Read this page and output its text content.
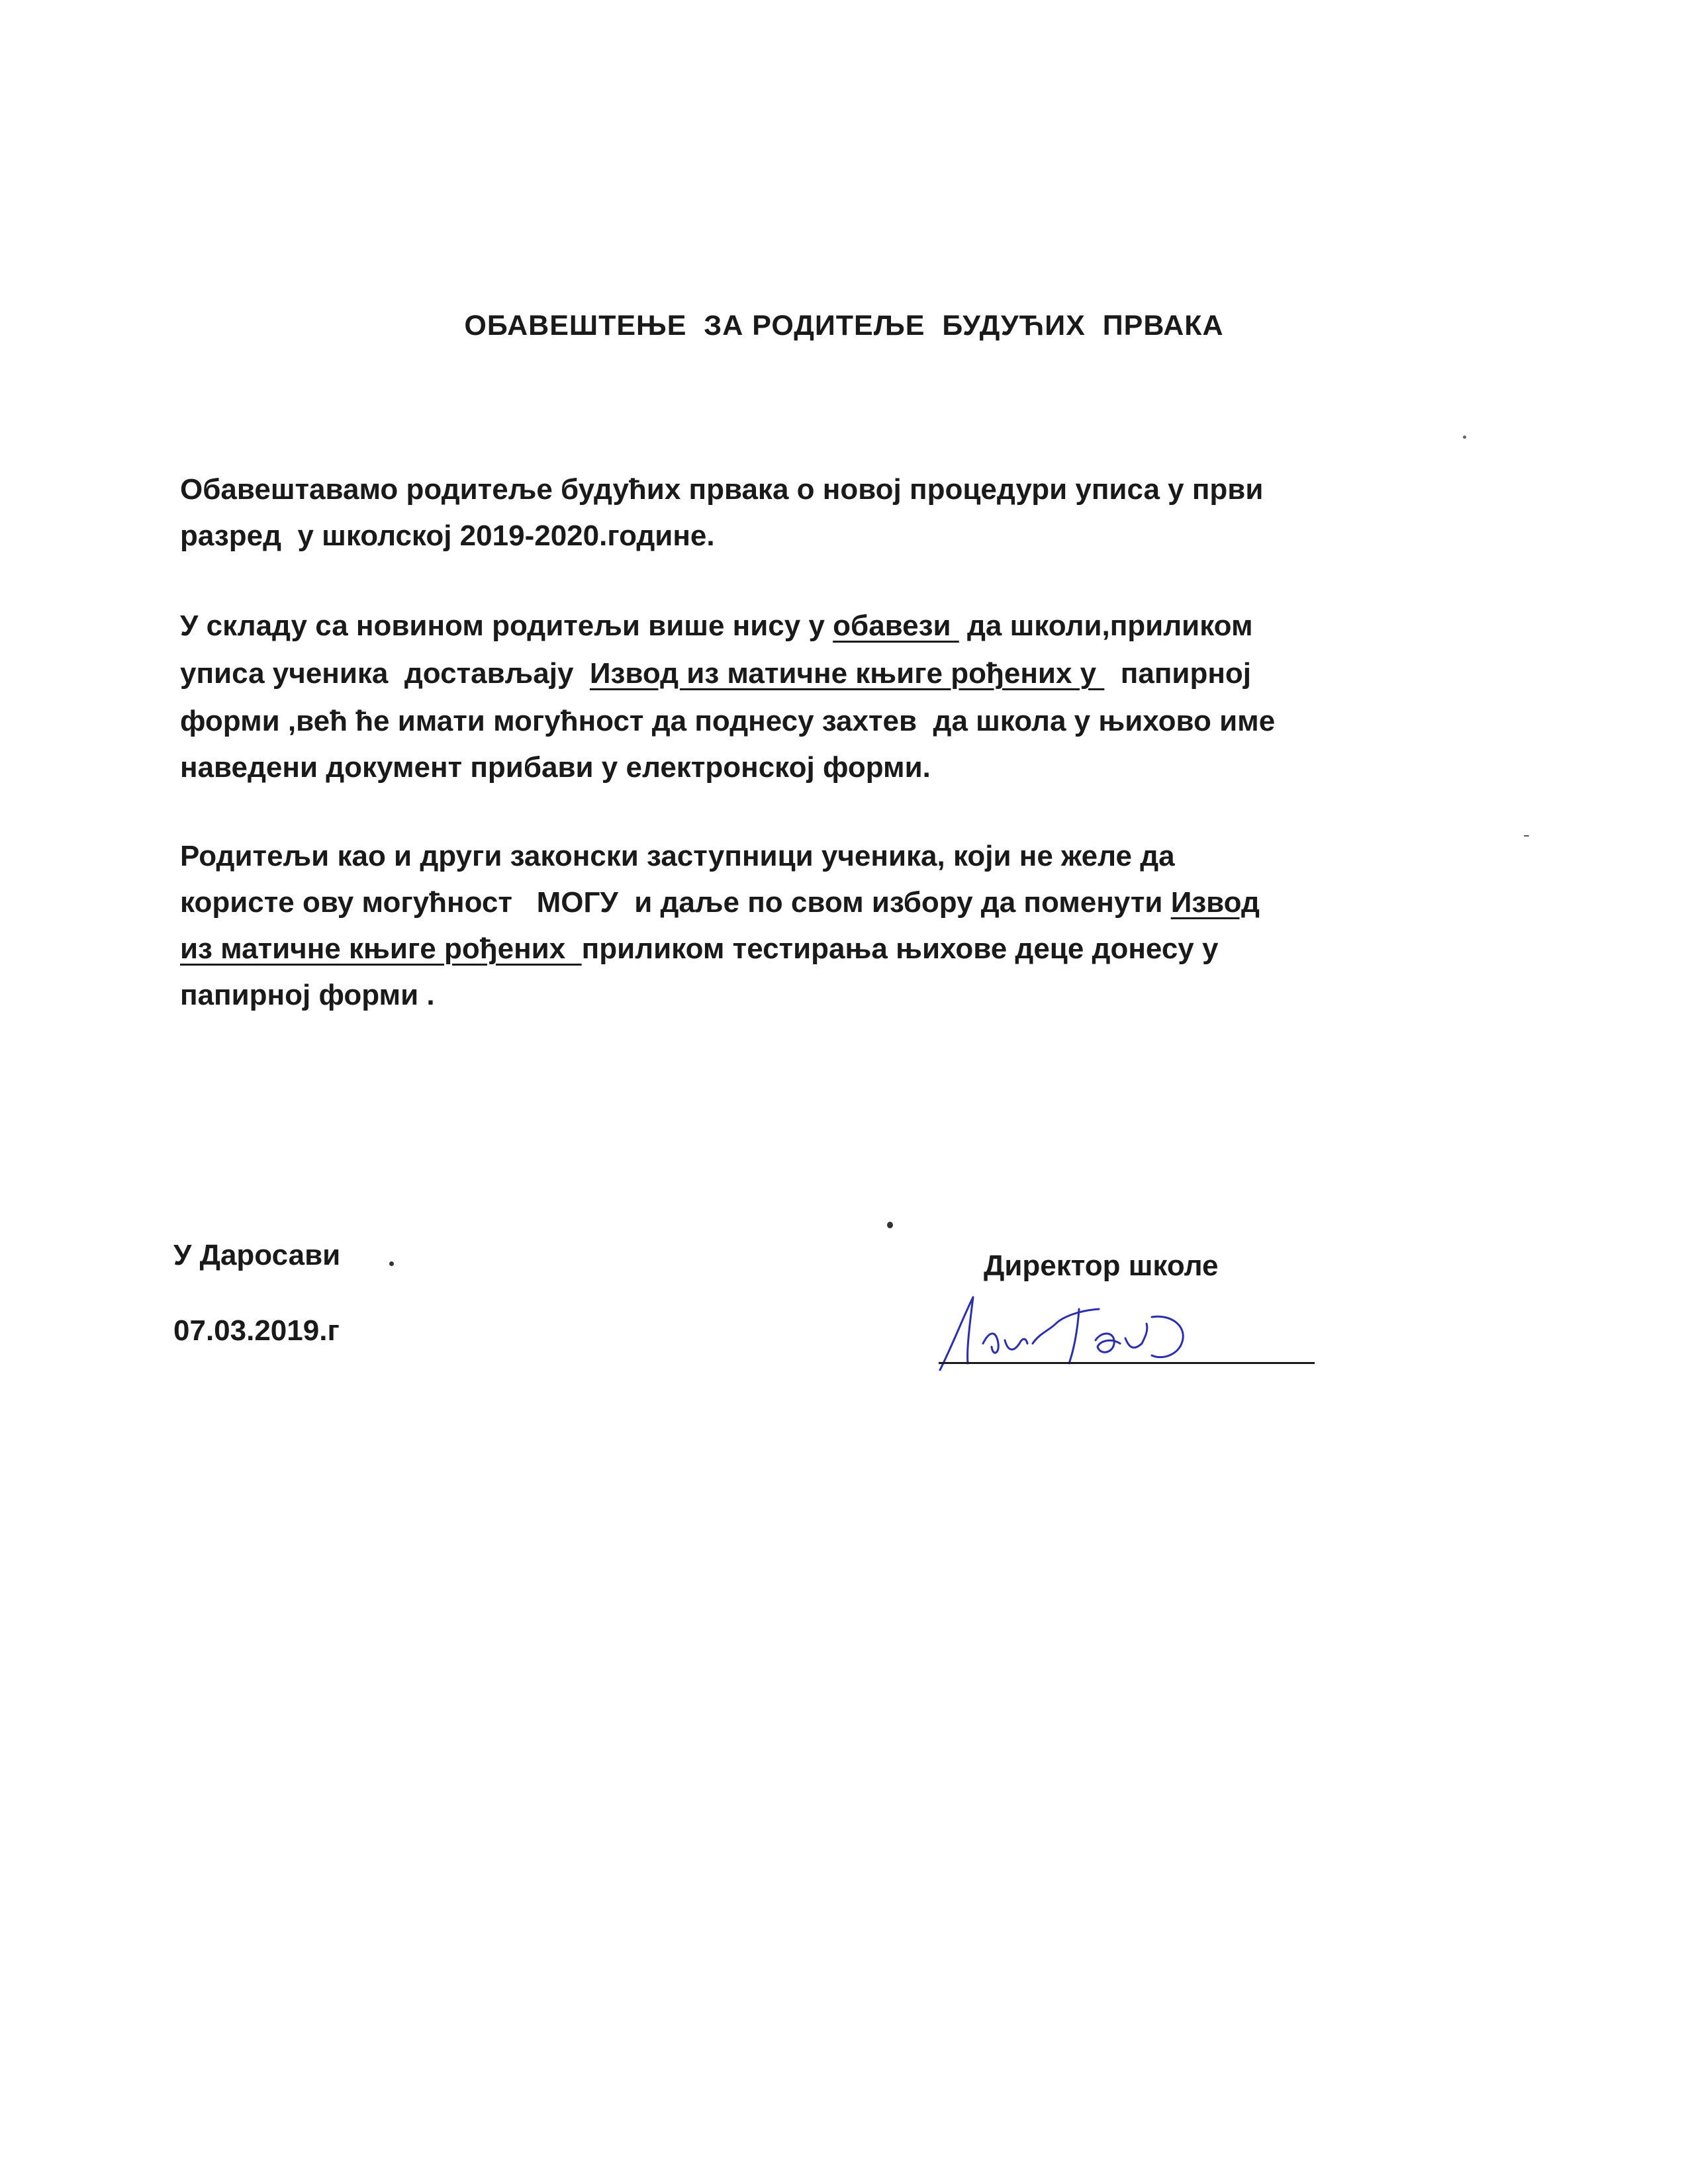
ОБАВЕШТЕЊЕ  ЗА РОДИТЕЉЕ  БУДУЋИХ  ПРВАКА
Обавештавамо родитеље будућих првака о новој процедури уписа у први
разред  у школској 2019-2020.године.
У складу са новином родитељи више нису у обавези  да школи,приликом
уписа ученика  достављају  Извод из матичне књиге рођених у   папирној
форми ,већ ће имати могућност да поднесу захтев  да школа у њихово име
наведени документ прибави у електронској форми.
Родитељи као и други законски заступници ученика, који не желе да
користе ову могућност   МОГУ  и даље по свом избору да поменути Извод
из матичне књиге рођених  приликом тестирања њихове деце донесу у
папирној форми .
У Даросави
07.03.2019.г
Директор школе
